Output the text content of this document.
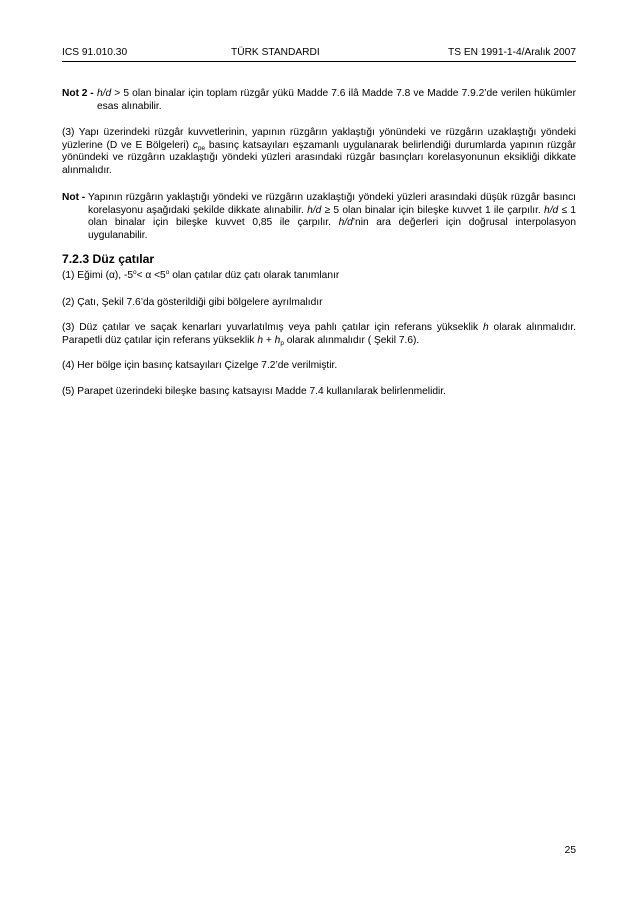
ICS 91.010.30	TÜRK STANDARDI	TS EN 1991-1-4/Aralık 2007
Not 2 - h/d > 5 olan binalar için toplam rüzgâr yükü Madde 7.6 ilâ Madde 7.8 ve Madde 7.9.2’de verilen hükümler esas alınabilir.

(3) Yapı üzerindeki rüzgâr kuvvetlerinin, yapının rüzgârın yaklaştığı yönündeki ve rüzgârın uzaklaştığı yöndeki yüzlerine (D ve E Bölgeleri) $c_{pe}$ basınç katsayıları eşzamanlı uygulanarak belirlendiği durumlarda yapının rüzgâr yönündeki ve rüzgârın uzaklaştığı yöndeki yüzleri arasındaki rüzgâr basınçları korelasyonunun eksikliği dikkate alınmalıdır.

Not - Yapının rüzgârın yaklaştığı yöndeki ve rüzgârın uzaklaştığı yöndeki yüzleri arasındaki düşük rüzgâr basıncı korelasyonu aşağıdaki şekilde dikkate alınabilir. h/d ≥ 5 olan binalar için bileşke kuvvet 1 ile çarpılır. h/d ≤ 1 olan binalar için bileşke kuvvet 0,85 ile çarpılır. h/d’nin ara değerleri için doğrusal interpolasyon uygulanabilir.
7.2.3 Düz çatılar

(1) Eğimi (α), $-5^o< \alpha <5^o$ olan çatılar düz çatı olarak tanımlanır

(2) Çatı, Şekil 7.6’da gösterildiği gibi bölgelere ayrılmalıdır

(3) Düz çatılar ve saçak kenarları yuvarlatılmış veya pahlı çatılar için referans yükseklik h olarak alınmalıdır. Parapetli düz çatılar için referans yükseklik $h + h_p$ olarak alınmalıdır ( Şekil 7.6).

(4) Her bölge için basınç katsayıları Çizelge 7.2’de verilmiştir.

(5) Parapet üzerindeki bileşke basınç katsayısı Madde 7.4 kullanılarak belirlenmelidir.

25
